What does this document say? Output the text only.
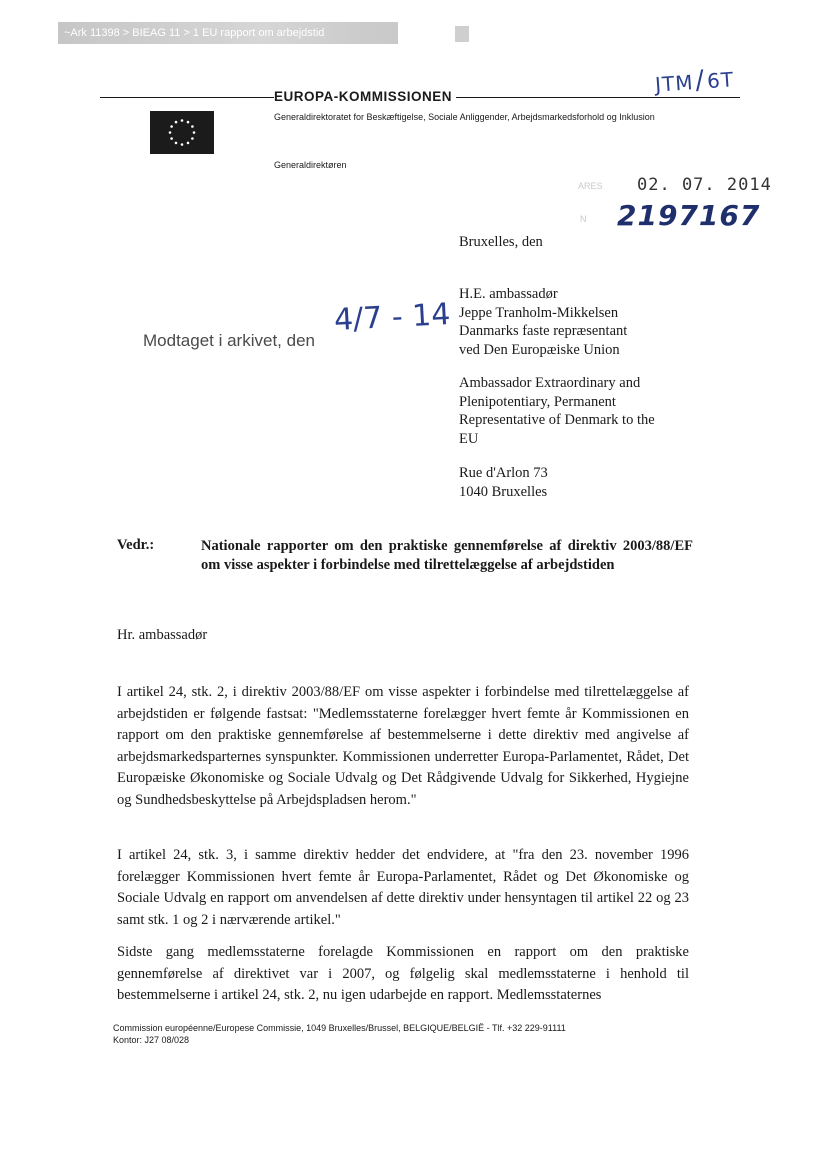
~Ark 11398 > BIEAG 11 > 1 EU rapport om arbejdstid
JTM/6T
EUROPA-KOMMISSIONEN
Generaldirektoratet for Beskæftigelse, Sociale Anliggender, Arbejdsmarkedsforhold og Inklusion
Generaldirektøren
ARES 02. 07. 2014
N 2197167
Bruxelles, den
H.E. ambassadør
Jeppe Tranholm-Mikkelsen
Danmarks faste repræsentant
ved Den Europæiske Union
Ambassador Extraordinary and
Plenipotentiary, Permanent
Representative of Denmark to the
EU
Rue d'Arlon 73
1040 Bruxelles
Modtaget i arkivet, den
4/7 - 14
Vedr.:	Nationale rapporter om den praktiske gennemførelse af direktiv 2003/88/EF om visse aspekter i forbindelse med tilrettelæggelse af arbejdstiden
Hr. ambassadør
I artikel 24, stk. 2, i direktiv 2003/88/EF om visse aspekter i forbindelse med tilrettelæggelse af arbejdstiden er følgende fastsat: "Medlemsstaterne forelægger hvert femte år Kommissionen en rapport om den praktiske gennemførelse af bestemmelserne i dette direktiv med angivelse af arbejdsmarkedsparternes synspunkter. Kommissionen underretter Europa-Parlamentet, Rådet, Det Europæiske Økonomiske og Sociale Udvalg og Det Rådgivende Udvalg for Sikkerhed, Hygiejne og Sundhedsbeskyttelse på Arbejdspladsen herom."
I artikel 24, stk. 3, i samme direktiv hedder det endvidere, at "fra den 23. november 1996 forelægger Kommissionen hvert femte år Europa-Parlamentet, Rådet og Det Økonomiske og Sociale Udvalg en rapport om anvendelsen af dette direktiv under hensyntagen til artikel 22 og 23 samt stk. 1 og 2 i nærværende artikel."
Sidste gang medlemsstaterne forelagde Kommissionen en rapport om den praktiske gennemførelse af direktivet var i 2007, og følgelig skal medlemsstaterne i henhold til bestemmelserne i artikel 24, stk. 2, nu igen udarbejde en rapport. Medlemsstaternes
Commission européenne/Europese Commissie, 1049 Bruxelles/Brussel, BELGIQUE/BELGIË - Tlf. +32 229-91111
Kontor: J27 08/028
